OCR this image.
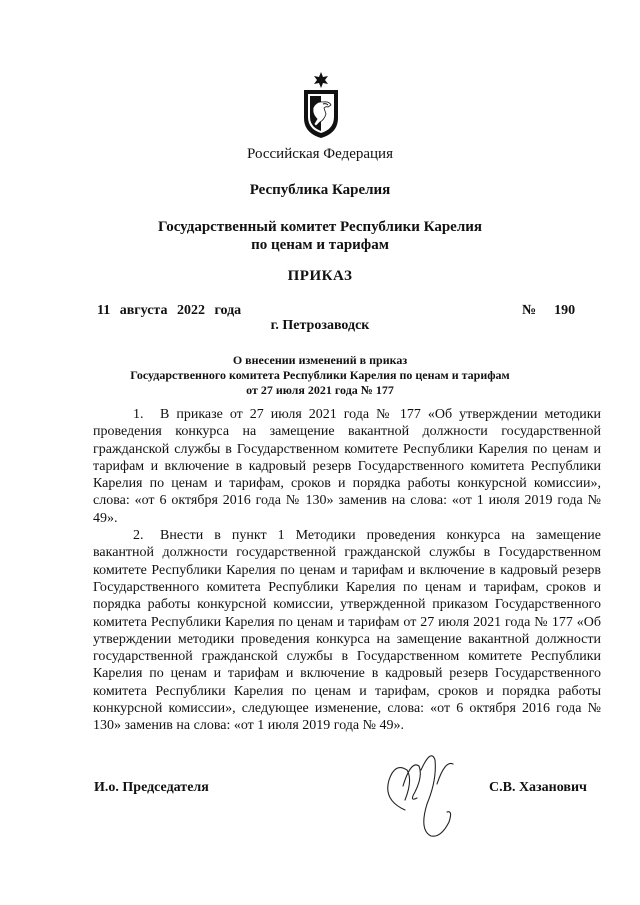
Российская Федерация
Республика Карелия
Государственный комитет Республики Карелия
по ценам и тарифам
ПРИКАЗ
11 августа 2022 года	№ 190
г. Петрозаводск
О внесении изменений в приказ
Государственного комитета Республики Карелия по ценам и тарифам
от 27 июля 2021 года № 177

1. В приказе от 27 июля 2021 года № 177 «Об утверждении методики проведения конкурса на замещение вакантной должности государственной гражданской службы в Государственном комитете Республики Карелия по ценам и тарифам и включение в кадровый резерв Государственного комитета Республики Карелия по ценам и тарифам, сроков и порядка работы конкурсной комиссии», слова: «от 6 октября 2016 года № 130» заменив на слова: «от 1 июля 2019 года № 49».

2. Внести в пункт 1 Методики проведения конкурса на замещение вакантной должности государственной гражданской службы в Государственном комитете Республики Карелия по ценам и тарифам и включение в кадровый резерв Государственного комитета Республики Карелия по ценам и тарифам, сроков и порядка работы конкурсной комиссии, утвержденной приказом Государственного комитета Республики Карелия по ценам и тарифам от 27 июля 2021 года № 177 «Об утверждении методики проведения конкурса на замещение вакантной должности государственной гражданской службы в Государственном комитете Республики Карелия по ценам и тарифам и включение в кадровый резерв Государственного комитета Республики Карелия по ценам и тарифам, сроков и порядка работы конкурсной комиссии», следующее изменение, слова: «от 6 октября 2016 года № 130» заменив на слова: «от 1 июля 2019 года № 49».

И.о. Председателя	С.В. Хазанович
